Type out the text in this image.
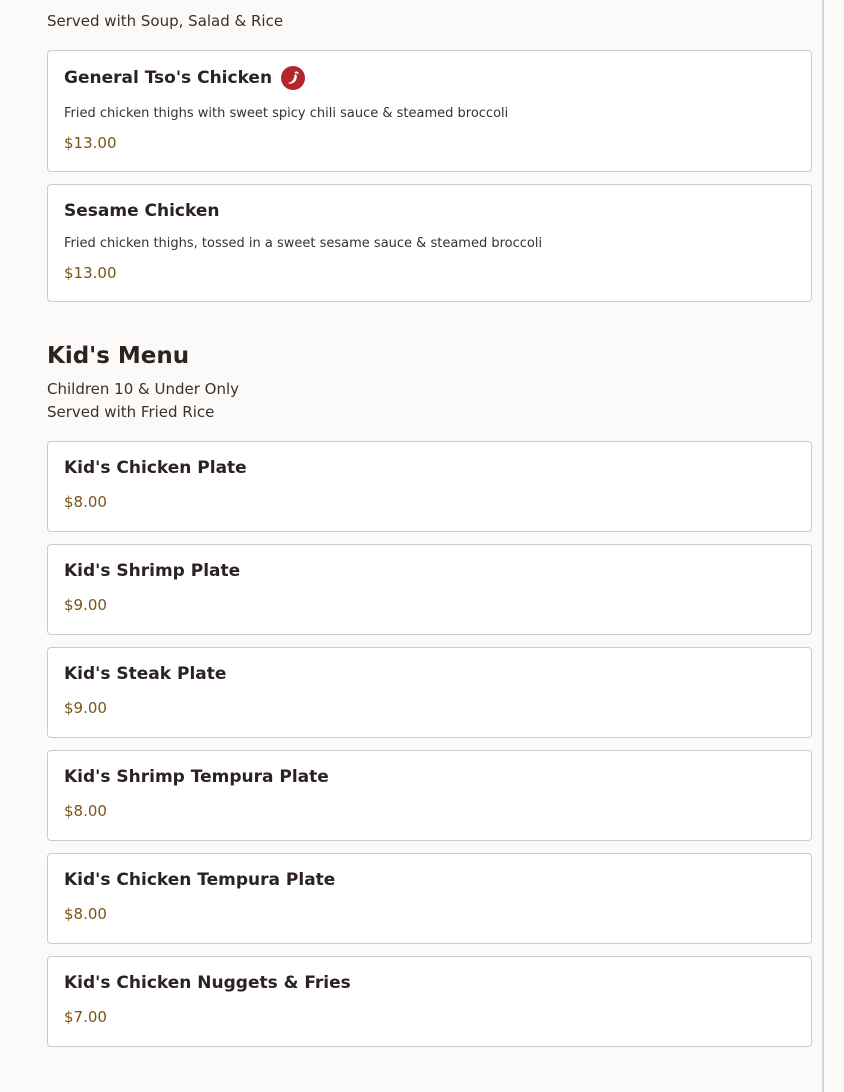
Served with Soup, Salad & Rice
General Tso's Chicken
Fried chicken thighs with sweet spicy chili sauce & steamed broccoli
$13.00
Sesame Chicken
Fried chicken thighs, tossed in a sweet sesame sauce & steamed broccoli
$13.00
Kid's Menu
Children 10 & Under Only
Served with Fried Rice
Kid's Chicken Plate
$8.00
Kid's Shrimp Plate
$9.00
Kid's Steak Plate
$9.00
Kid's Shrimp Tempura Plate
$8.00
Kid's Chicken Tempura Plate
$8.00
Kid's Chicken Nuggets & Fries
$7.00
